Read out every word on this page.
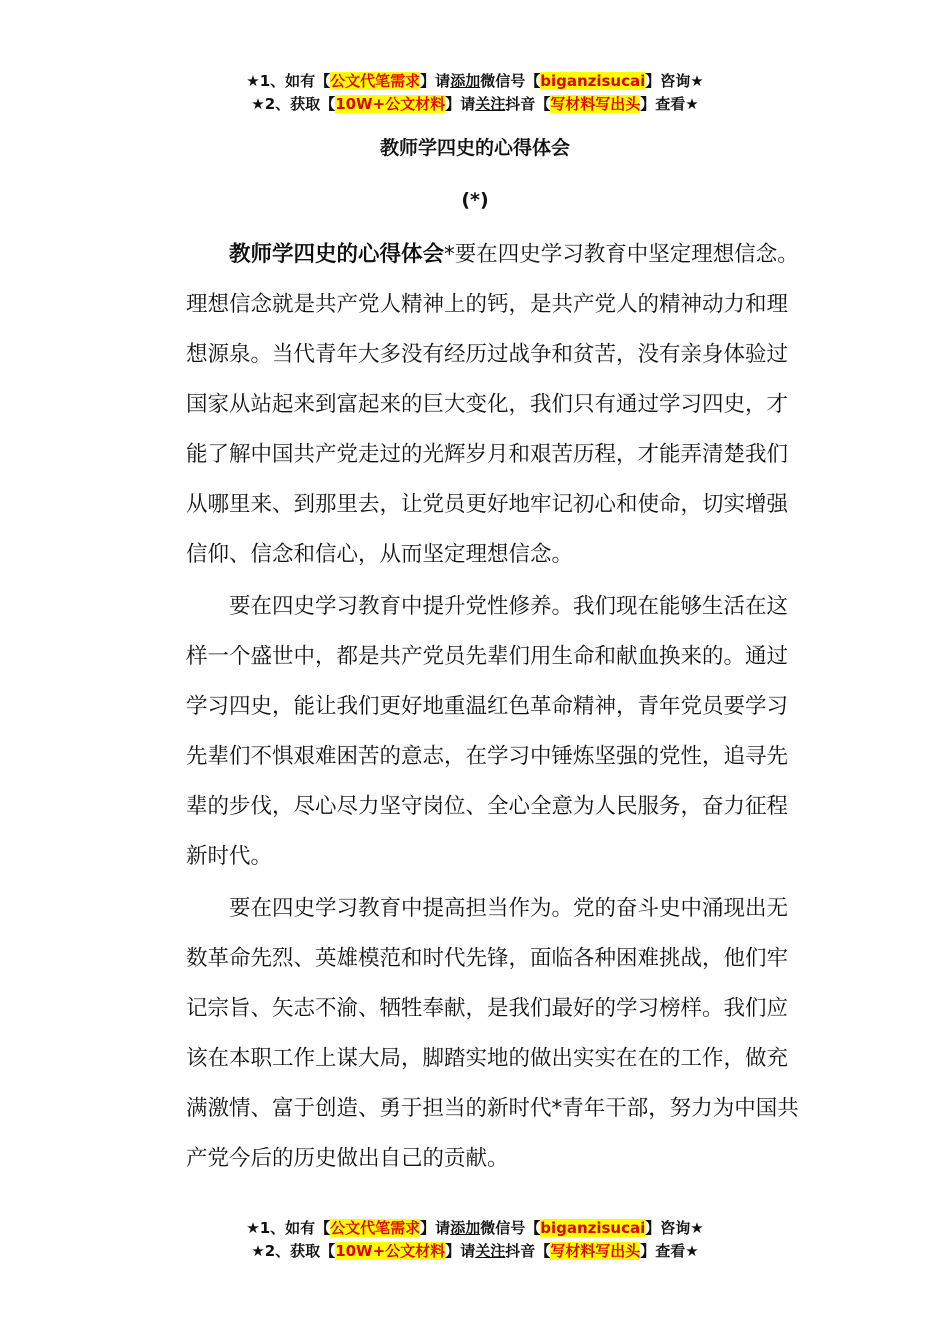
★1、如有【公文代笔需求】请添加微信号【biganzisucai】咨询★
★2、获取【10W+公文材料】请关注抖音【写材料写出头】查看★
教师学四史的心得体会
(*)

教师学四史的心得体会*要在四史学习教育中坚定理想信念。理想信念就是共产党人精神上的钙，是共产党人的精神动力和理想源泉。当代青年大多没有经历过战争和贫苦，没有亲身体验过国家从站起来到富起来的巨大变化，我们只有通过学习四史，才能了解中国共产党走过的光辉岁月和艰苦历程，才能弄清楚我们从哪里来、到那里去，让党员更好地牢记初心和使命，切实增强信仰、信念和信心，从而坚定理想信念。

要在四史学习教育中提升党性修养。我们现在能够生活在这样一个盛世中，都是共产党员先辈们用生命和献血换来的。通过学习四史，能让我们更好地重温红色革命精神，青年党员要学习先辈们不惧艰难困苦的意志，在学习中锤炼坚强的党性，追寻先辈的步伐，尽心尽力坚守岗位、全心全意为人民服务，奋力征程新时代。

要在四史学习教育中提高担当作为。党的奋斗史中涌现出无数革命先烈、英雄模范和时代先锋，面临各种困难挑战，他们牢记宗旨、矢志不渝、牺牲奉献，是我们最好的学习榜样。我们应该在本职工作上谋大局，脚踏实地的做出实实在在的工作，做充满激情、富于创造、勇于担当的新时代*青年干部，努力为中国共产党今后的历史做出自己的贡献。

★1、如有【公文代笔需求】请添加微信号【biganzisucai】咨询★
★2、获取【10W+公文材料】请关注抖音【写材料写出头】查看★
